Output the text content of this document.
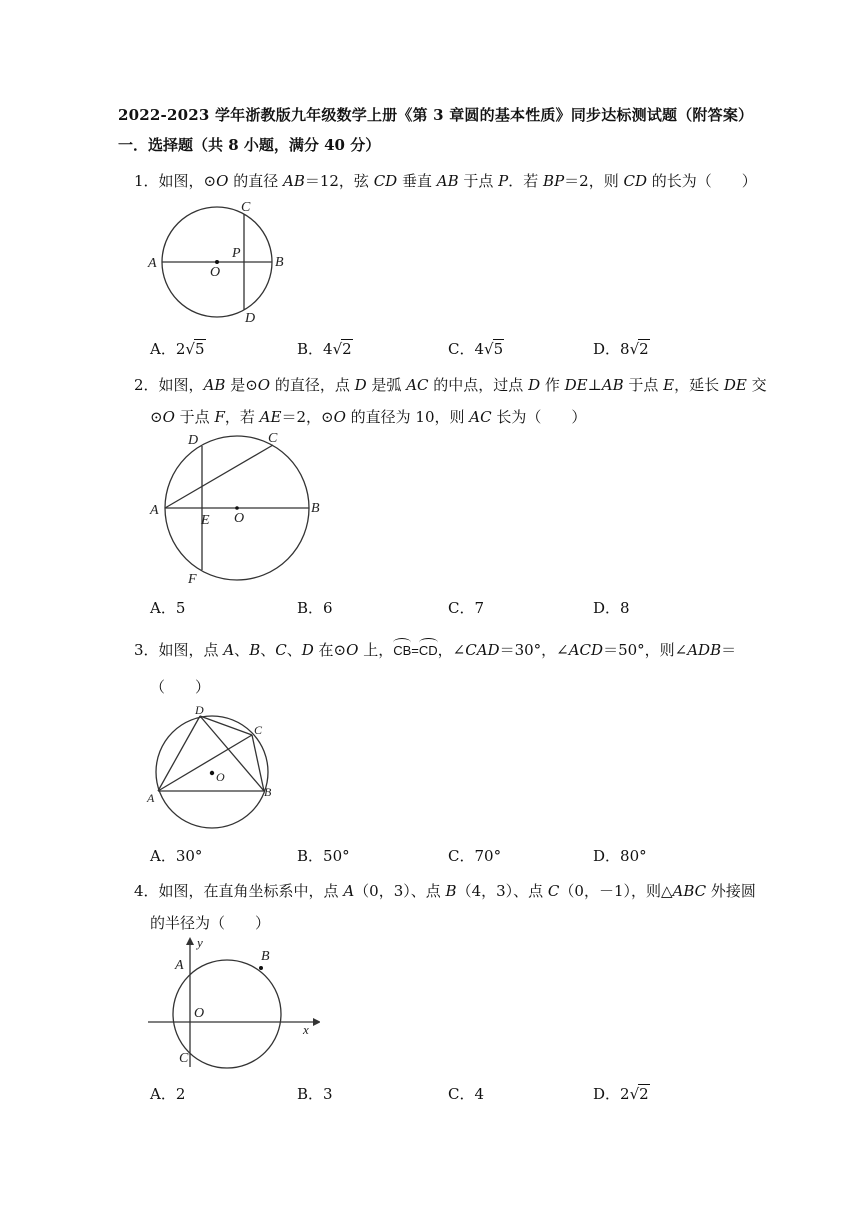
2022-2023 学年浙教版九年级数学上册《第 3 章圆的基本性质》同步达标测试题（附答案）
一．选择题（共 8 小题，满分 40 分）
1．如图，⊙O 的直径 AB＝12，弦 CD 垂直 AB 于点 P．若 BP＝2，则 CD 的长为（　　）
A	B
C
D
O
P
A．2√5	B．4√2	C．4√5	D．8√2
2．如图，AB 是⊙O 的直径，点 D 是弧 AC 的中点，过点 D 作 DE⊥AB 于点 E，延长 DE 交
⊙O 于点 F，若 AE＝2，⊙O 的直径为 10，则 AC 长为（　　）
A	B
C
D
E
F
O
A．5	B．6	C．7	D．8
3．如图，点 A、B、C、D 在⊙O 上，CB=CD，∠CAD＝30°，∠ACD＝50°，则∠ADB＝
（　　）
A	B
C
D
O
A．30°	B．50°	C．70°	D．80°
4．如图，在直角坐标系中，点 A（0，3）、点 B（4，3）、点 C（0，－1），则△ABC 外接圆
的半径为（　　）
x
y
A
B
C
O
A．2	B．3	C．4	D．2√2
